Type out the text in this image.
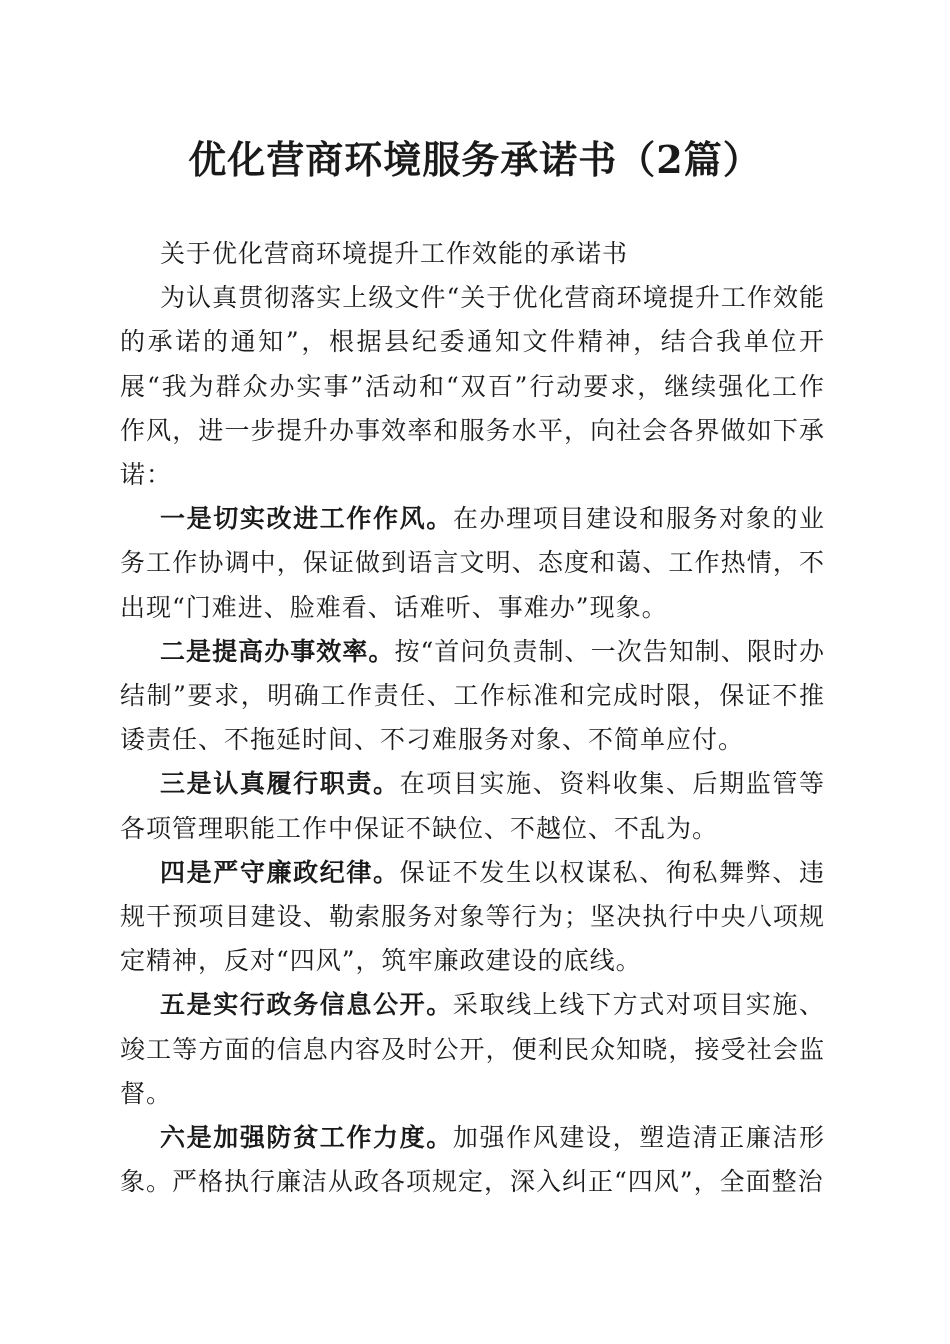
优化营商环境服务承诺书（2篇）

关于优化营商环境提升工作效能的承诺书

为认真贯彻落实上级文件“关于优化营商环境提升工作效能的承诺的通知”，根据县纪委通知文件精神，结合我单位开展“我为群众办实事”活动和“双百”行动要求，继续强化工作作风，进一步提升办事效率和服务水平，向社会各界做如下承诺：

一是切实改进工作作风。在办理项目建设和服务对象的业务工作协调中，保证做到语言文明、态度和蔼、工作热情，不出现“门难进、脸难看、话难听、事难办”现象。

二是提高办事效率。按“首问负责制、一次告知制、限时办结制”要求，明确工作责任、工作标准和完成时限，保证不推诿责任、不拖延时间、不刁难服务对象、不简单应付。

三是认真履行职责。在项目实施、资料收集、后期监管等各项管理职能工作中保证不缺位、不越位、不乱为。

四是严守廉政纪律。保证不发生以权谋私、徇私舞弊、违规干预项目建设、勒索服务对象等行为；坚决执行中央八项规定精神，反对“四风”，筑牢廉政建设的底线。

五是实行政务信息公开。采取线上线下方式对项目实施、竣工等方面的信息内容及时公开，便利民众知晓，接受社会监督。

六是加强防贫工作力度。加强作风建设，塑造清正廉洁形象。严格执行廉洁从政各项规定，深入纠正“四风”，全面整治
